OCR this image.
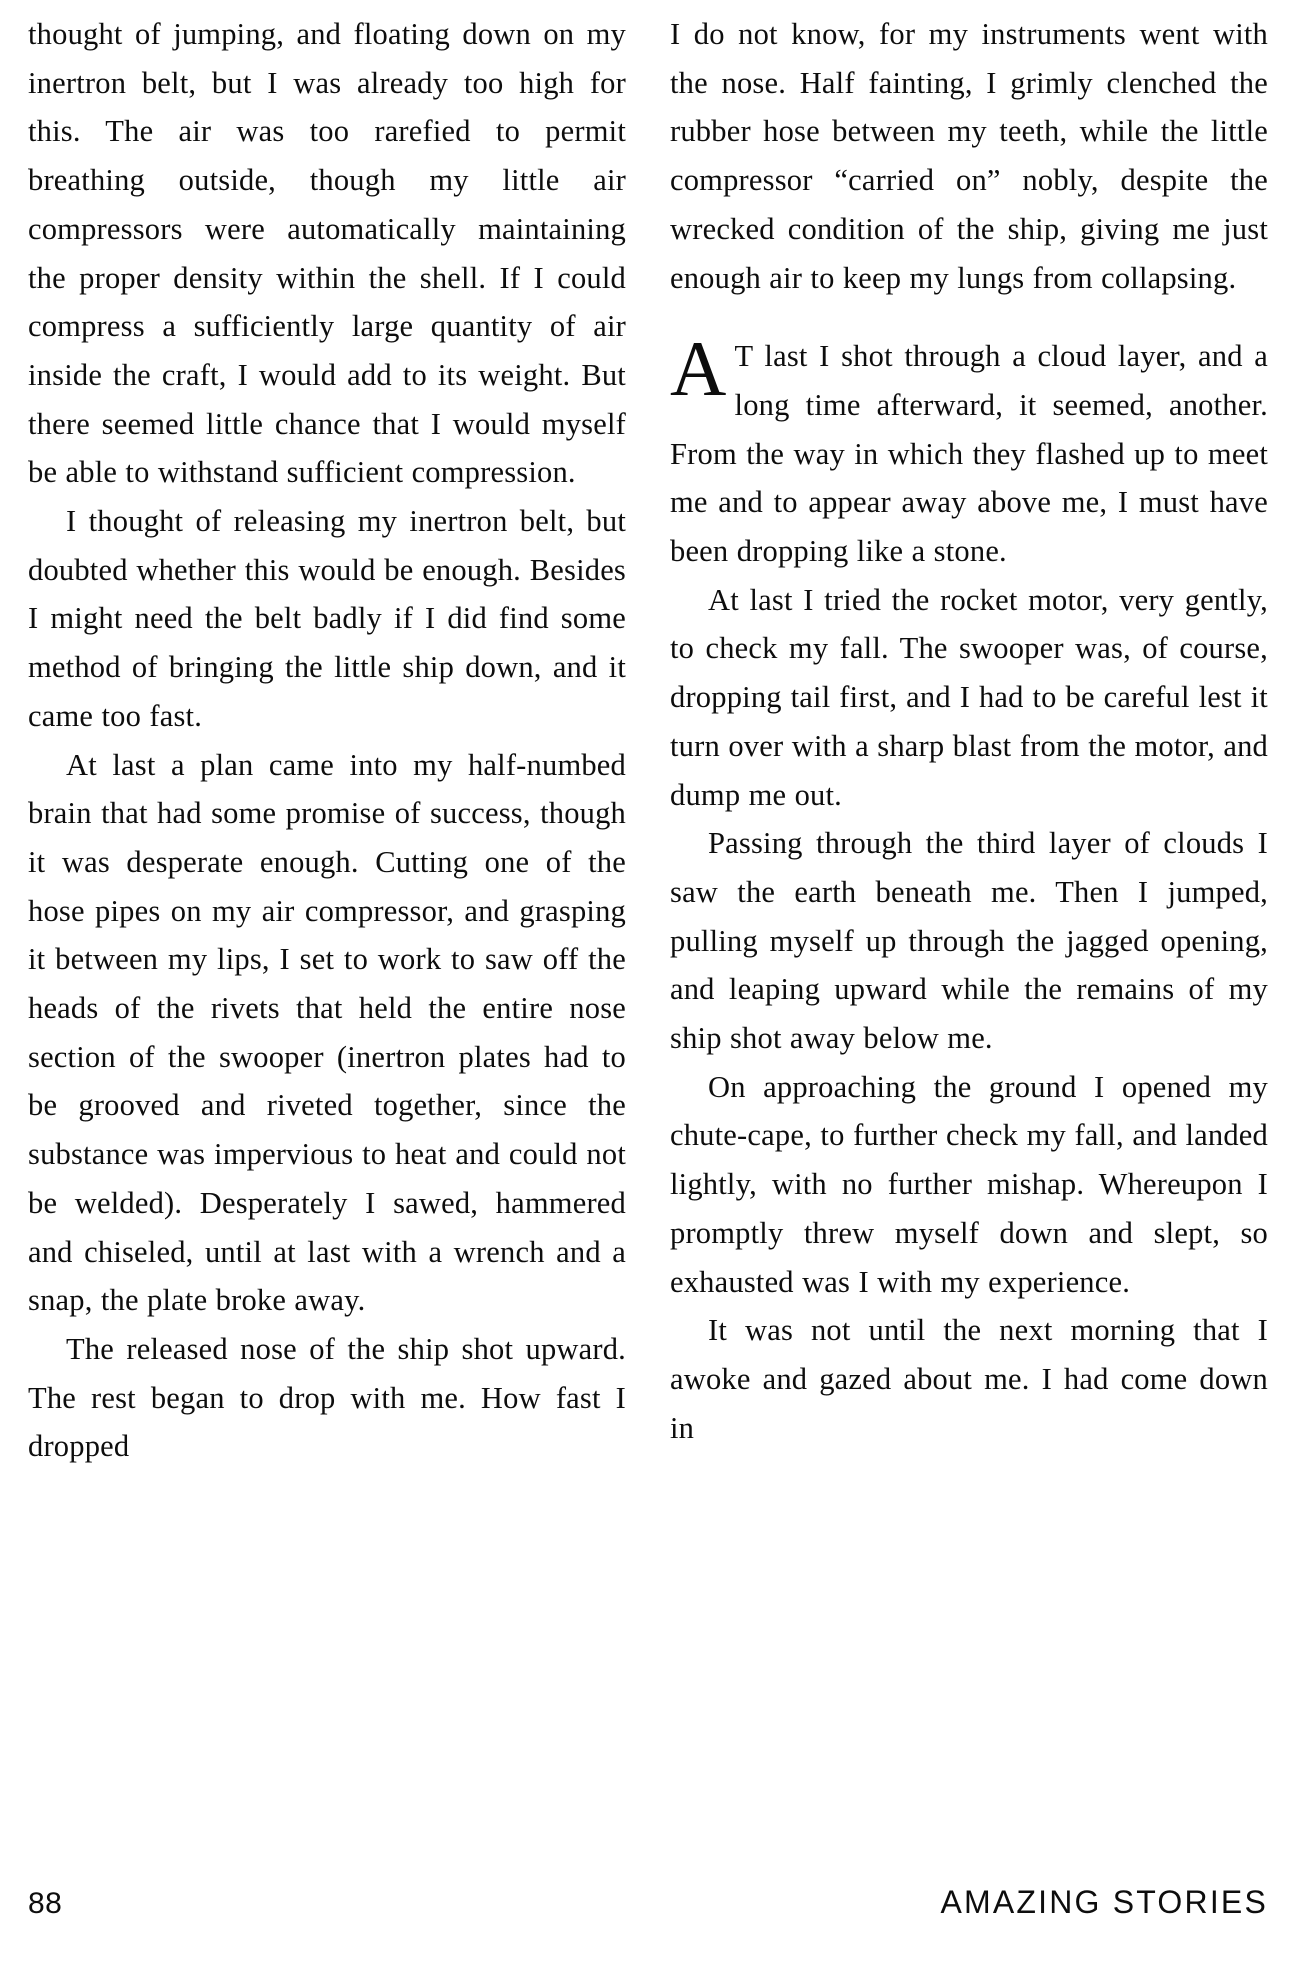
thought of jumping, and floating down on my inertron belt, but I was already too high for this. The air was too rarefied to permit breathing outside, though my little air compressors were automatically maintaining the proper density within the shell. If I could compress a sufficiently large quantity of air inside the craft, I would add to its weight. But there seemed little chance that I would myself be able to withstand sufficient compression.

I thought of releasing my inertron belt, but doubted whether this would be enough. Besides I might need the belt badly if I did find some method of bringing the little ship down, and it came too fast.

At last a plan came into my half-numbed brain that had some promise of success, though it was desperate enough. Cutting one of the hose pipes on my air compressor, and grasping it between my lips, I set to work to saw off the heads of the rivets that held the entire nose section of the swooper (inertron plates had to be grooved and riveted together, since the substance was impervious to heat and could not be welded). Desperately I sawed, hammered and chiseled, until at last with a wrench and a snap, the plate broke away.

The released nose of the ship shot upward. The rest began to drop with me. How fast I dropped

I do not know, for my instruments went with the nose. Half fainting, I grimly clenched the rubber hose between my teeth, while the little compressor “carried on” nobly, despite the wrecked condition of the ship, giving me just enough air to keep my lungs from collapsing.

A T last I shot through a cloud layer, and a long time afterward, it seemed, another. From the way in which they flashed up to meet me and to appear away above me, I must have been dropping like a stone.

At last I tried the rocket motor, very gently, to check my fall. The swooper was, of course, dropping tail first, and I had to be careful lest it turn over with a sharp blast from the motor, and dump me out.

Passing through the third layer of clouds I saw the earth beneath me. Then I jumped, pulling myself up through the jagged opening, and leaping upward while the remains of my ship shot away below me.

On approaching the ground I opened my chute-cape, to further check my fall, and landed lightly, with no further mishap. Whereupon I promptly threw myself down and slept, so exhausted was I with my experience.

It was not until the next morning that I awoke and gazed about me. I had come down in

88	AMAZING STORIES
